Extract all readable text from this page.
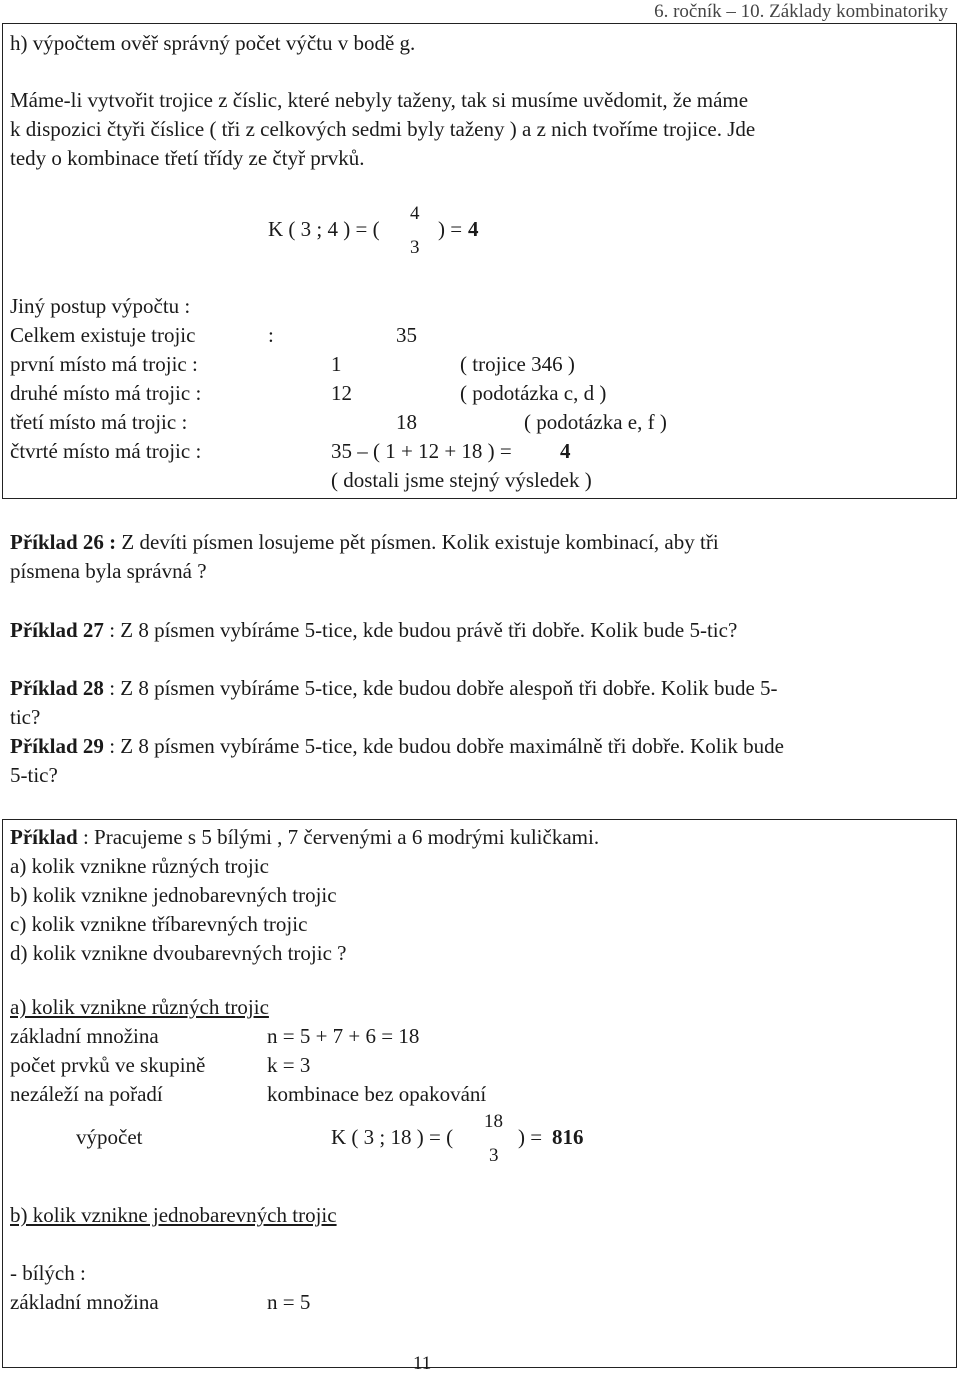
6. ročník – 10. Základy kombinatoriky
h) výpočtem ověř správný počet výčtu v bodě g.
Máme-li vytvořit trojice z číslic, které nebyly taženy, tak si musíme uvědomit, že máme
k dispozici čtyři číslice ( tři z celkových sedmi byly taženy ) a z nich tvoříme trojice. Jde
tedy o kombinace třetí třídy ze čtyř prvků.
K ( 3 ; 4 ) = (
4
3
) = 4
Jiný postup výpočtu :
Celkem existuje trojic	:	35
první místo má trojic :	1	( trojice 346 )
druhé místo má trojic :	12	( podotázka c, d )
třetí místo má trojic :	18	( podotázka e, f )
čtvrté místo má trojic :	35 – ( 1 + 12 + 18 ) = 4
( dostali jsme stejný výsledek )
Příklad 26 : Z devíti písmen losujeme pět písmen. Kolik existuje kombinací, aby tři
písmena byla správná ?
Příklad 27 : Z 8 písmen vybíráme 5-tice, kde budou právě tři dobře. Kolik bude 5-tic?
Příklad 28 : Z 8 písmen vybíráme 5-tice, kde budou dobře alespoň tři dobře. Kolik bude 5-
tic?
Příklad 29 : Z 8 písmen vybíráme 5-tice, kde budou dobře maximálně tři dobře. Kolik bude
5-tic?
Příklad : Pracujeme s 5 bílými , 7 červenými a 6 modrými kuličkami.
a) kolik vznikne různých trojic
b) kolik vznikne jednobarevných trojic
c) kolik vznikne tříbarevných trojic
d) kolik vznikne dvoubarevných trojic ?
a) kolik vznikne různých trojic
základní množina	n = 5 + 7 + 6 = 18
počet prvků ve skupině	k = 3
nezáleží na pořadí	kombinace bez opakování
výpočet	K ( 3 ; 18 ) = (
18
3
) = 816
b) kolik vznikne jednobarevných trojic
- bílých :
základní množina	n = 5
11
